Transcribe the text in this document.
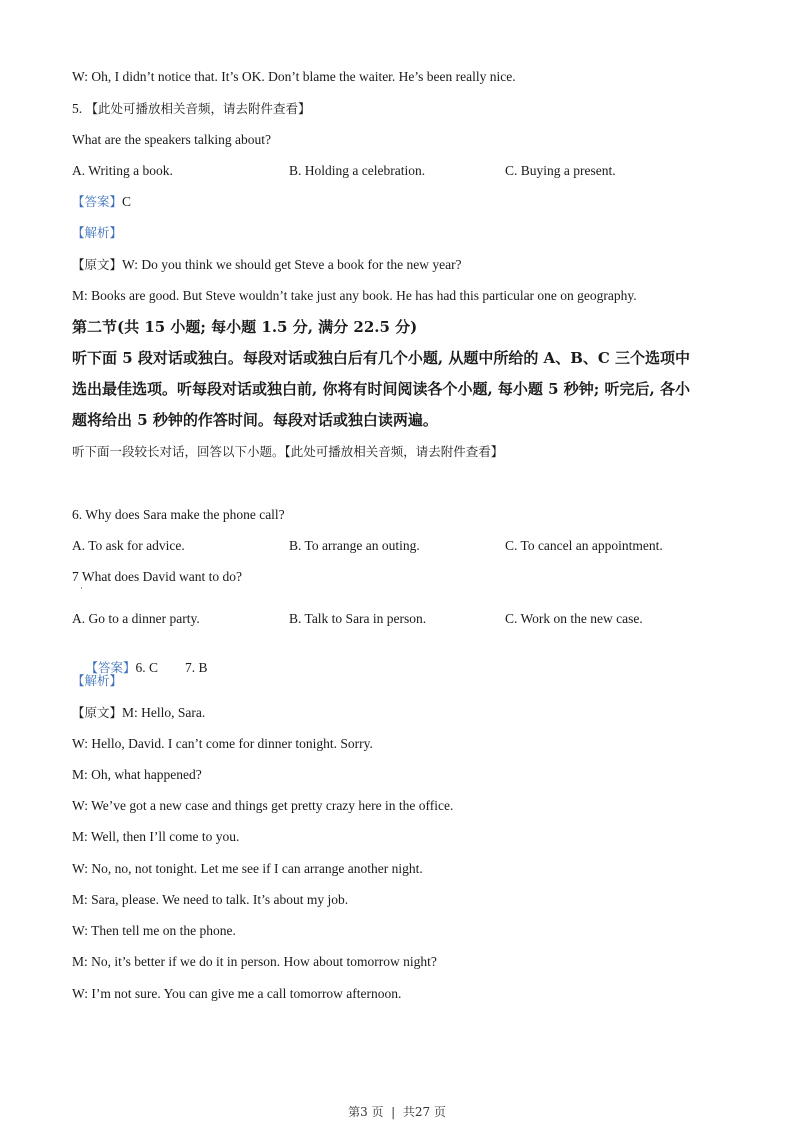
W: Oh, I didn’t notice that. It’s OK. Don’t blame the waiter. He’s been really nice.
5. 【此处可播放相关音频，请去附件查看】
What are the speakers talking about?
A. Writing a book.	B. Holding a celebration.	C. Buying a present.
【答案】C
【解析】
【原文】W: Do you think we should get Steve a book for the new year?
M: Books are good. But Steve wouldn’t take just any book. He has had this particular one on geography.
第二节(共 15 小题; 每小题 1.5 分, 满分 22.5 分)
听下面 5 段对话或独白。每段对话或独白后有几个小题, 从题中所给的 A、B、C 三个选项中
选出最佳选项。听每段对话或独白前, 你将有时间阅读各个小题, 每小题 5 秒钟; 听完后, 各小
题将给出 5 秒钟的作答时间。每段对话或独白读两遍。
听下面一段较长对话，回答以下小题。【此处可播放相关音频，请去附件查看】
6. Why does Sara make the phone call?
A. To ask for advice.	B. To arrange an outing.	C. To cancel an appointment.
7 What does David want to do?
·
A. Go to a dinner party.	B. Talk to Sara in person.	C. Work on the new case.

【答案】6. C        7. B

【解析】
【原文】M: Hello, Sara.
W: Hello, David. I can’t come for dinner tonight. Sorry.
M: Oh, what happened?
W: We’ve got a new case and things get pretty crazy here in the office.
M: Well, then I’ll come to you.
W: No, no, not tonight. Let me see if I can arrange another night.
M: Sara, please. We need to talk. It’s about my job.
W: Then tell me on the phone.
M: No, it’s better if we do it in person. How about tomorrow night?
W: I’m not sure. You can give me a call tomorrow afternoon.
第3 页  |  共27 页
